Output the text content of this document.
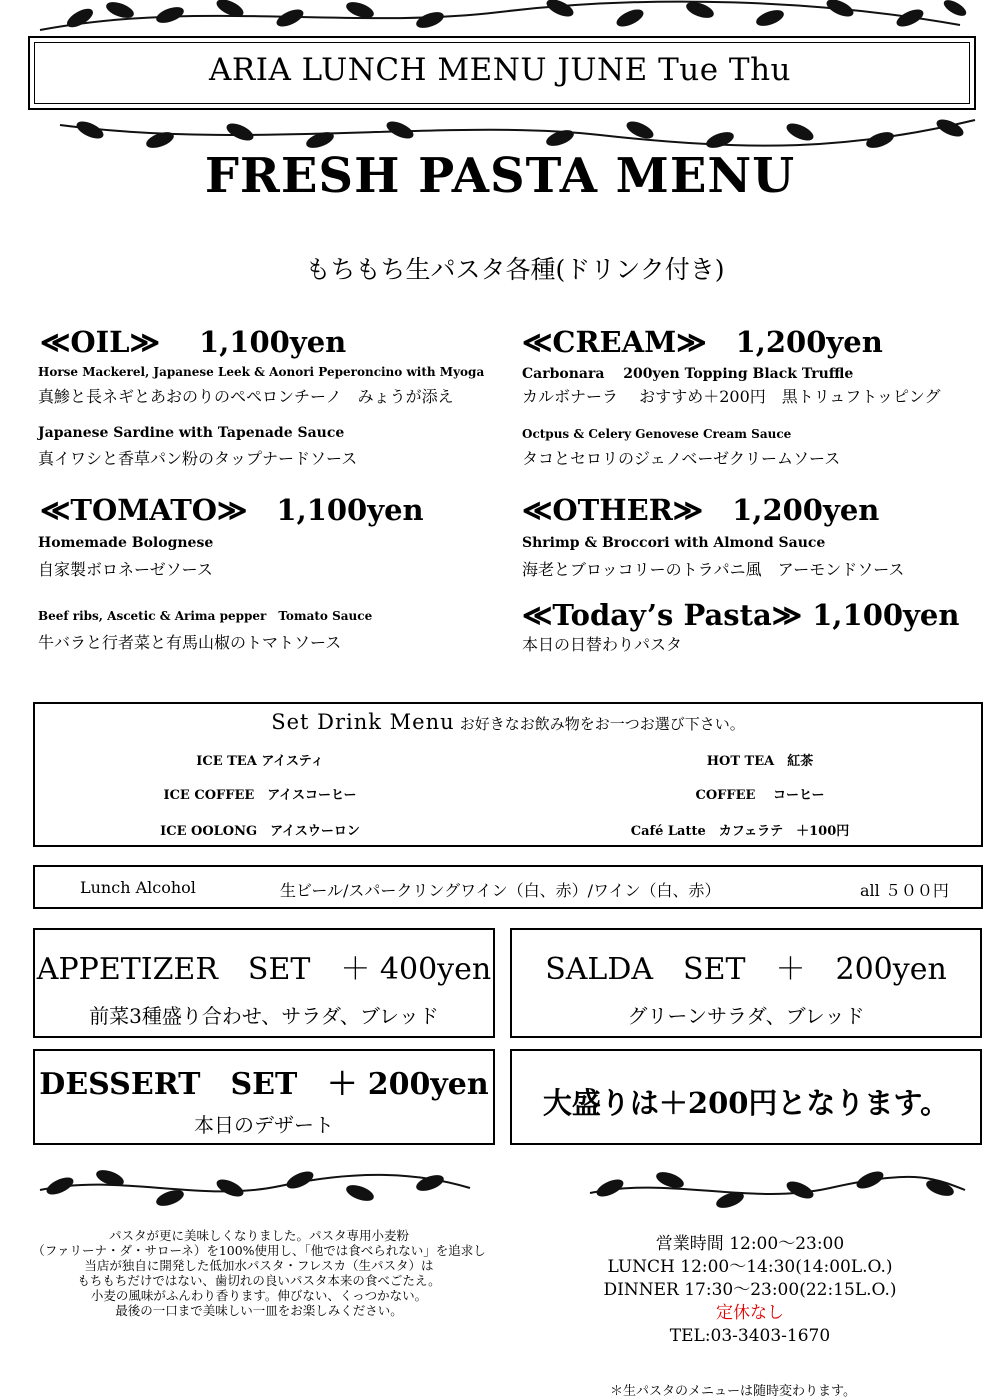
ARIA LUNCH MENU JUNE Tue Thu
FRESH PASTA MENU
もちもち生パスタ各種(ドリンク付き)
≪OIL≫　 1,100yen
Horse Mackerel, Japanese Leek & Aonori Peperoncino with Myoga
真鯵と長ネギとあおのりのペペロンチーノ　みょうが添え
Japanese Sardine with Tapenade Sauce
真イワシと香草パン粉のタップナードソース
≪TOMATO≫　1,100yen
Homemade Bolognese
自家製ボロネーゼソース
Beef ribs, Ascetic & Arima pepper　Tomato Sauce
牛バラと行者菜と有馬山椒のトマトソース
≪CREAM≫　1,200yen
Carbonara　 200yen Topping Black Truffle
カルボナーラ　 おすすめ＋200円　黒トリュフトッピング
Octpus & Celery Genovese Cream Sauce
タコとセロリのジェノベーゼクリームソース
≪OTHER≫　1,200yen
Shrimp & Broccori with Almond Sauce
海老とブロッコリーのトラパニ風　アーモンドソース
≪Today’s Pasta≫ 1,100yen
本日の日替わりパスタ
Set Drink Menu お好きなお飲み物をお一つお選び下さい。
ICE TEA アイスティ
ICE COFFEE　アイスコーヒー
ICE OOLONG　アイスウーロン
HOT TEA　紅茶
COFFEE　 コーヒー
Café Latte　カフェラテ　＋100円
Lunch Alcohol	生ビール/スパークリングワイン（白、赤）/ワイン（白、赤）	all ５００円
APPETIZER　SET　＋ 400yen
前菜3種盛り合わせ、サラダ、ブレッド
SALDA　SET　＋　200yen
グリーンサラダ、ブレッド
DESSERT　SET　＋ 200yen
本日のデザート
大盛りは＋200円となります。
パスタが更に美味しくなりました。パスタ専用小麦粉
（ファリーナ・ダ・サローネ）を100%使用し、「他では食べられない」を追求し
当店が独自に開発した低加水パスタ・フレスカ（生パスタ）は
もちもちだけではない、歯切れの良いパスタ本来の食べごたえ。
小麦の風味がふんわり香ります。伸びない、くっつかない。
最後の一口まで美味しい一皿をお楽しみください。
営業時間 12:00～23:00
LUNCH 12:00～14:30(14:00L.O.)
DINNER 17:30～23:00(22:15L.O.)
定休なし
TEL:03-3403-1670
＊生パスタのメニューは随時変わります。
